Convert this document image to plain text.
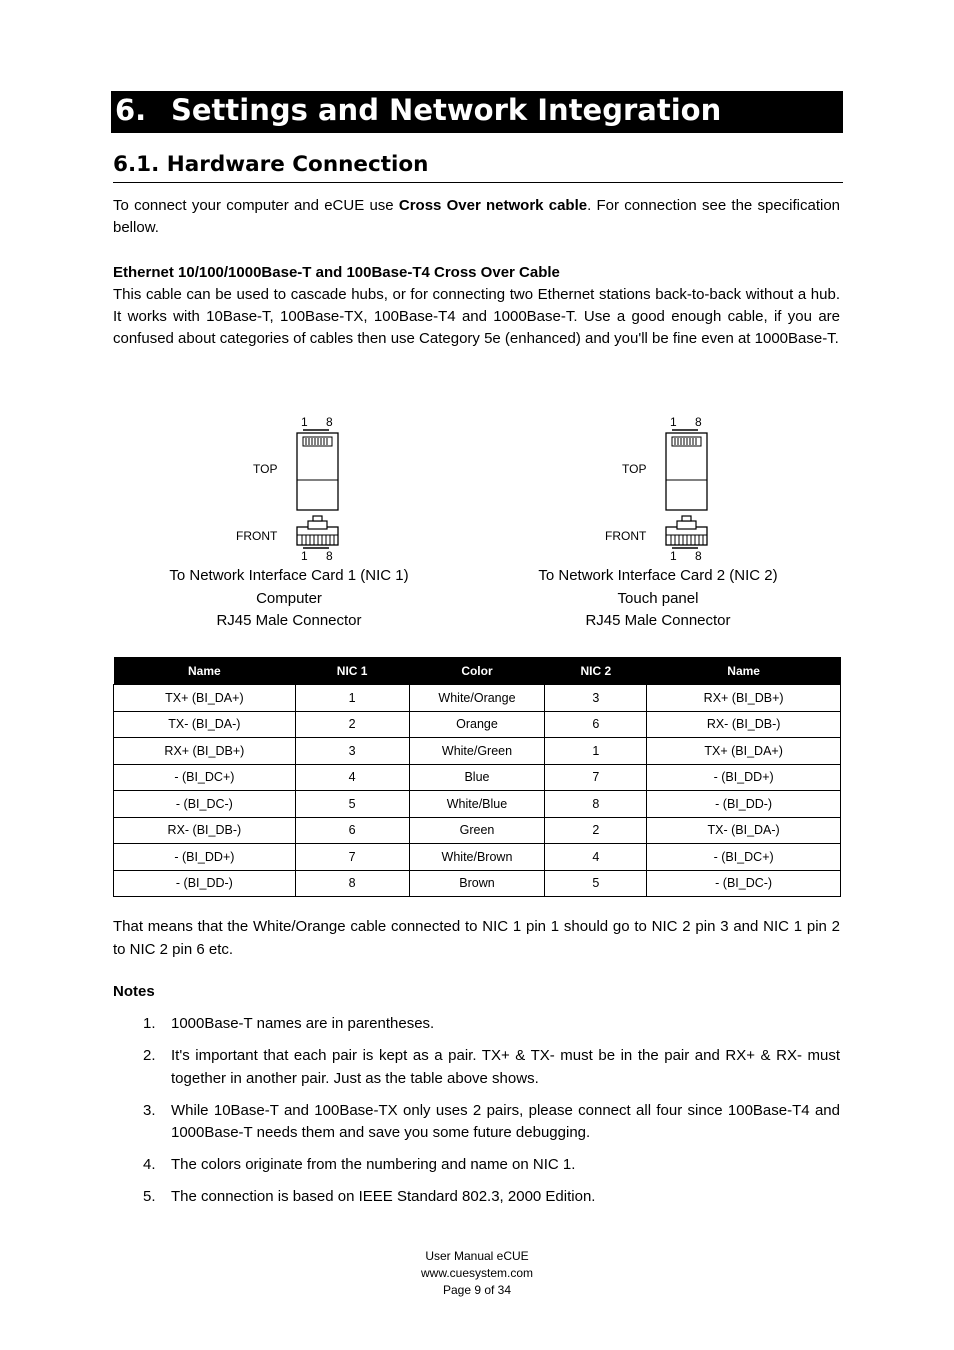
6. Settings and Network Integration
6.1. Hardware Connection
To connect your computer and eCUE use Cross Over network cable. For connection see the specification bellow.
Ethernet 10/100/1000Base-T and 100Base-T4 Cross Over Cable
This cable can be used to cascade hubs, or for connecting two Ethernet stations back-to-back without a hub. It works with 10Base-T, 100Base-TX, 100Base-T4 and 1000Base-T. Use a good enough cable, if you are confused about categories of cables then use Category 5e (enhanced) and you'll be fine even at 1000Base-T.
1 8
TOP
FRONT
1 8
1 8
TOP
FRONT
1 8
To Network Interface Card 1 (NIC 1)
Computer
RJ45 Male Connector
To Network Interface Card 2 (NIC 2)
Touch panel
RJ45 Male Connector
Name	NIC 1	Color	NIC 2	Name
TX+ (BI_DA+)	1	White/Orange	3	RX+ (BI_DB+)
TX- (BI_DA-)	2	Orange	6	RX- (BI_DB-)
RX+ (BI_DB+)	3	White/Green	1	TX+ (BI_DA+)
- (BI_DC+)	4	Blue	7	- (BI_DD+)
- (BI_DC-)	5	White/Blue	8	- (BI_DD-)
RX- (BI_DB-)	6	Green	2	TX- (BI_DA-)
- (BI_DD+)	7	White/Brown	4	- (BI_DC+)
- (BI_DD-)	8	Brown	5	- (BI_DC-)
That means that the White/Orange cable connected to NIC 1 pin 1 should go to NIC 2 pin 3 and NIC 1 pin 2 to NIC 2 pin 6 etc.
Notes
1. 1000Base-T names are in parentheses.
2. It's important that each pair is kept as a pair. TX+ & TX- must be in the pair and RX+ & RX- must together in another pair. Just as the table above shows.
3. While 10Base-T and 100Base-TX only uses 2 pairs, please connect all four since 100Base-T4 and 1000Base-T needs them and save you some future debugging.
4. The colors originate from the numbering and name on NIC 1.
5. The connection is based on IEEE Standard 802.3, 2000 Edition.
User Manual eCUE
www.cuesystem.com
Page 9 of 34
